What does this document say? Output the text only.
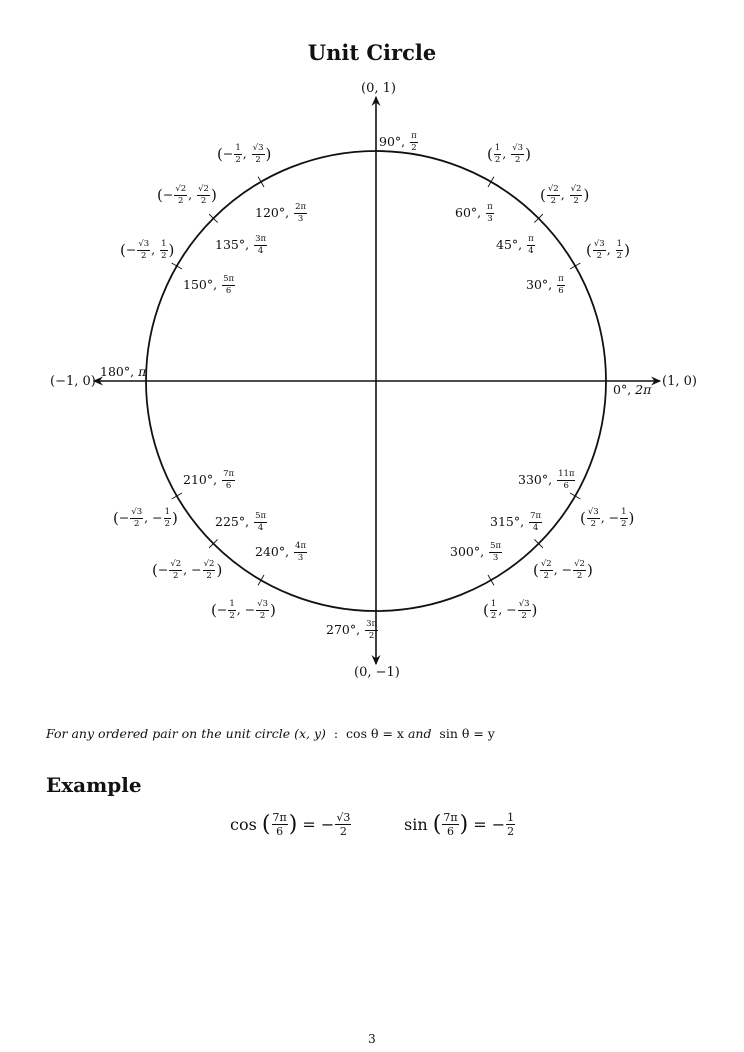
Unit Circle
(0, 1)
(0, −1)
(−1, 0)	(1, 0)
0° , 2π
90° , $\frac{\pi}{2}$
180° , π
270° , $\frac{3\pi}{2}$
30° , $\frac{\pi}{6}$
( $\frac{√3}{2}$ , $\frac{1}{2}$ )
45° , $\frac{\pi}{4}$
( $\frac{√2}{2}$ , $\frac{√2}{2}$ )
60° , $\frac{\pi}{3}$
( $\frac{1}{2}$ , $\frac{√3}{2}$ )
120° , $\frac{2\pi}{3}$
( − $\frac{1}{2}$ , $\frac{√3}{2}$ )
135° , $\frac{3\pi}{4}$
( − $\frac{√2}{2}$ , $\frac{√2}{2}$ )
150° , $\frac{5\pi}{6}$
( − $\frac{√3}{2}$ , $\frac{1}{2}$ )
210° , $\frac{7\pi}{6}$
( − $\frac{√3}{2}$ , − $\frac{1}{2}$ )	225° , $\frac{5\pi}{4}$
( − $\frac{√2}{2}$ , − $\frac{√2}{2}$ )
240° , $\frac{4\pi}{3}$
( − $\frac{1}{2}$ , − $\frac{√3}{2}$ )
300° , $\frac{5\pi}{3}$
( $\frac{1}{2}$ , − $\frac{√3}{2}$ )
315° , $\frac{7\pi}{4}$
( $\frac{√2}{2}$ , − $\frac{√2}{2}$ )
330° , $\frac{11\pi}{6}$
( $\frac{√3}{2}$ , − $\frac{1}{2}$ )
For any ordered pair on the unit circle (x, y) : cos θ = x and sin θ = y
Example
cos
( $\frac{7\pi}{6}$ )
= − $\frac{√3}{2}$	sin
( $\frac{7\pi}{6}$ )
= − $\frac{1}{2}$
3
